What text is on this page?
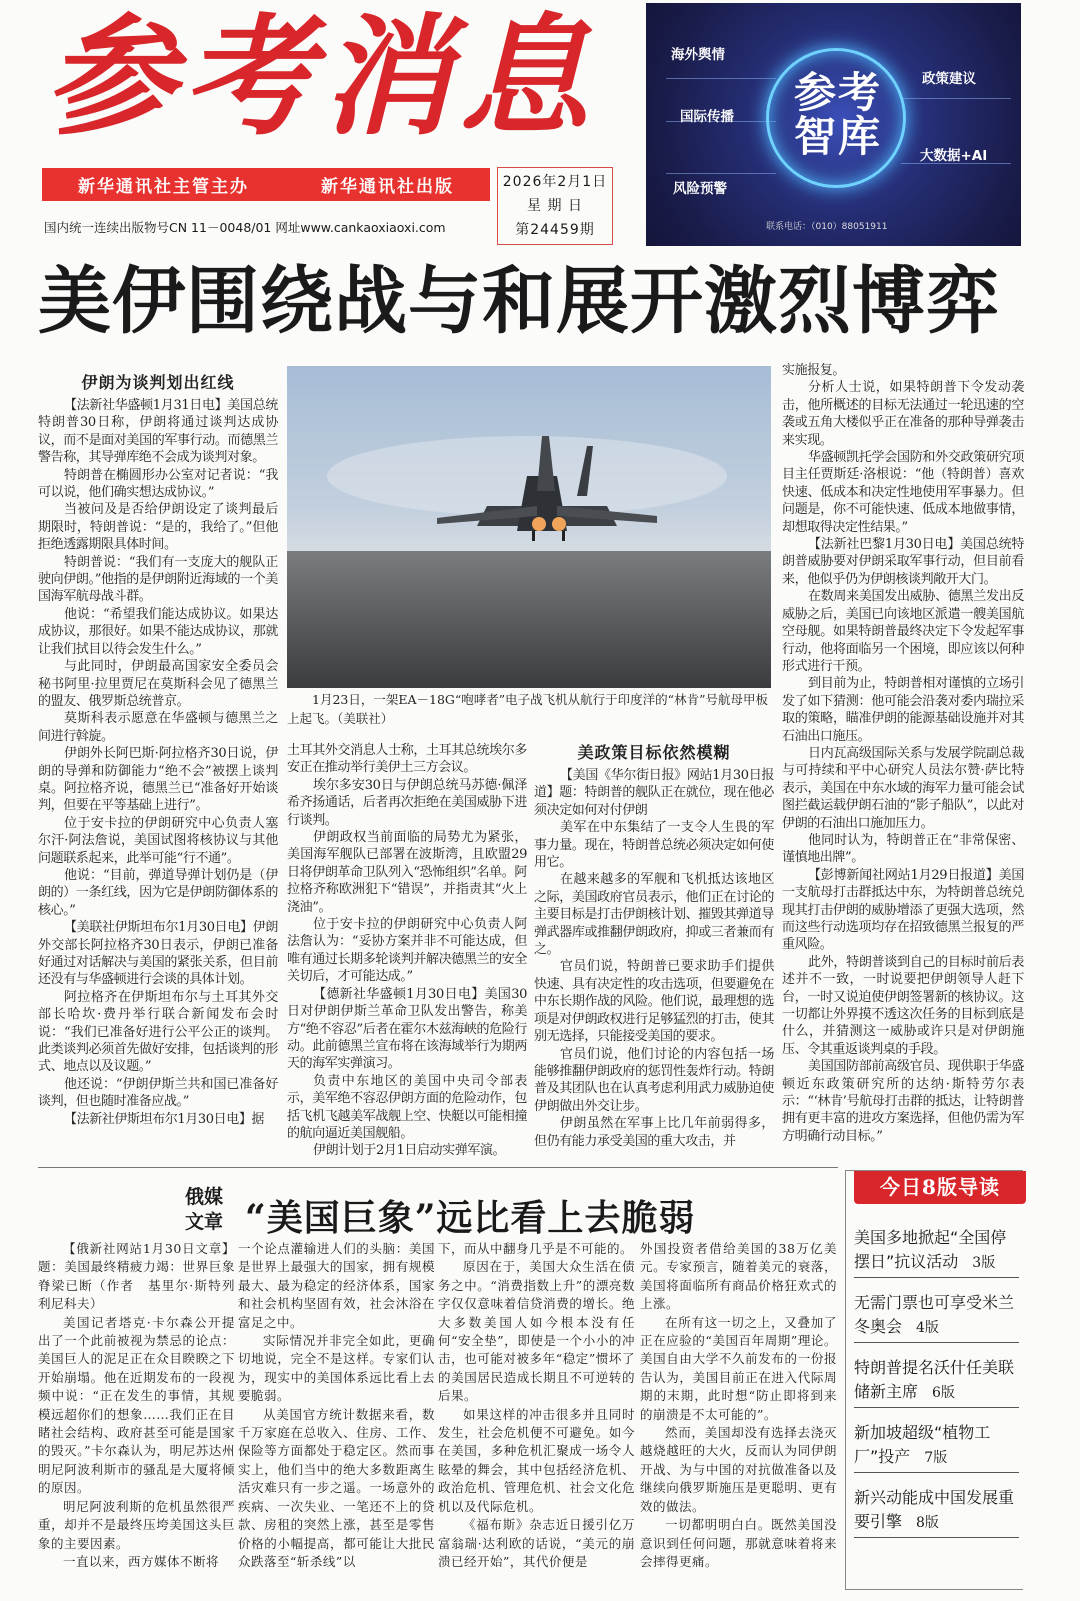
参考消息
新华通讯社主管主办	新华通讯社出版
国内统一连续出版物号CN 11－0048/01 网址www.cankaoxiaoxi.com
2026年2月1日
星 期 日
第24459期
参考
智库
海外舆情
国际传播
风险预警
政策建议
大数据+AI
联系电话：（010）88051911
美伊围绕战与和展开激烈博弈
伊朗为谈判划出红线

【法新社华盛顿1月31日电】美国总统特朗普30日称，伊朗将通过谈判达成协议，而不是面对美国的军事行动。而德黑兰警告称，其导弹库绝不会成为谈判对象。

特朗普在椭圆形办公室对记者说：“我可以说，他们确实想达成协议。”

当被问及是否给伊朗设定了谈判最后期限时，特朗普说：“是的，我给了。”但他拒绝透露期限具体时间。

特朗普说：“我们有一支庞大的舰队正驶向伊朗。”他指的是伊朗附近海域的一个美国海军航母战斗群。

他说：“希望我们能达成协议。如果达成协议，那很好。如果不能达成协议，那就让我们拭目以待会发生什么。”

与此同时，伊朗最高国家安全委员会秘书阿里·拉里贾尼在莫斯科会见了德黑兰的盟友、俄罗斯总统普京。

莫斯科表示愿意在华盛顿与德黑兰之间进行斡旋。

伊朗外长阿巴斯·阿拉格齐30日说，伊朗的导弹和防御能力“绝不会”被摆上谈判桌。阿拉格齐说，德黑兰已“准备好开始谈判，但要在平等基础上进行”。

位于安卡拉的伊朗研究中心负责人塞尔汗·阿法詹说，美国试图将核协议与其他问题联系起来，此举可能“行不通”。

他说：“目前，弹道导弹计划仍是（伊朗的）一条红线，因为它是伊朗防御体系的核心。”

【美联社伊斯坦布尔1月30日电】伊朗外交部长阿拉格齐30日表示，伊朗已准备好通过对话解决与美国的紧张关系，但目前还没有与华盛顿进行会谈的具体计划。

阿拉格齐在伊斯坦布尔与土耳其外交部长哈坎·费丹举行联合新闻发布会时说：“我们已准备好进行公平公正的谈判。此类谈判必须首先做好安排，包括谈判的形式、地点以及议题。”

他还说：“伊朗伊斯兰共和国已准备好谈判，但也随时准备应战。”

【法新社伊斯坦布尔1月30日电】据

1月23日，一架EA－18G“咆哮者”电子战飞机从航行于印度洋的“林肯”号航母甲板上起飞。（美联社）

土耳其外交消息人士称，土耳其总统埃尔多安正在推动举行美伊土三方会议。

埃尔多安30日与伊朗总统马苏德·佩泽希齐扬通话，后者再次拒绝在美国威胁下进行谈判。

伊朗政权当前面临的局势尤为紧张，美国海军舰队已部署在波斯湾，且欧盟29日将伊朗革命卫队列入“恐怖组织”名单。阿拉格齐称欧洲犯下“错误”，并指责其“火上浇油”。

位于安卡拉的伊朗研究中心负责人阿法詹认为：“妥协方案并非不可能达成，但唯有通过长期多轮谈判并解决德黑兰的安全关切后，才可能达成。”

【德新社华盛顿1月30日电】美国30日对伊朗伊斯兰革命卫队发出警告，称美方“绝不容忍”后者在霍尔木兹海峡的危险行动。此前德黑兰宣布将在该海域举行为期两天的海军实弹演习。

负责中东地区的美国中央司令部表示，美军绝不容忍伊朗方面的危险动作，包括飞机飞越美军战舰上空、快艇以可能相撞的航向逼近美国舰船。

伊朗计划于2月1日启动实弹军演。

美政策目标依然模糊

【美国《华尔街日报》网站1月30日报道】题：特朗普的舰队正在就位，现在他必须决定如何对付伊朗

美军在中东集结了一支令人生畏的军事力量。现在，特朗普总统必须决定如何使用它。

在越来越多的军舰和飞机抵达该地区之际，美国政府官员表示，他们正在讨论的主要目标是打击伊朗核计划、摧毁其弹道导弹武器库或推翻伊朗政府，抑或三者兼而有之。

官员们说，特朗普已要求助手们提供快速、具有决定性的攻击选项，但要避免在中东长期作战的风险。他们说，最理想的选项是对伊朗政权进行足够猛烈的打击，使其别无选择，只能接受美国的要求。

官员们说，他们讨论的内容包括一场能够推翻伊朗政府的惩罚性轰炸行动。特朗普及其团队也在认真考虑利用武力威胁迫使伊朗做出外交让步。

伊朗虽然在军事上比几年前弱得多，但仍有能力承受美国的重大攻击，并

实施报复。

分析人士说，如果特朗普下令发动袭击，他所概述的目标无法通过一轮迅速的空袭或五角大楼似乎正在准备的那种导弹袭击来实现。

华盛顿凯托学会国防和外交政策研究项目主任贾斯廷·洛根说：“他（特朗普）喜欢快速、低成本和决定性地使用军事暴力。但问题是，你不可能快速、低成本地做事情，却想取得决定性结果。”

【法新社巴黎1月30日电】美国总统特朗普威胁要对伊朗采取军事行动，但目前看来，他似乎仍为伊朗核谈判敞开大门。

在数周来美国发出威胁、德黑兰发出反威胁之后，美国已向该地区派遣一艘美国航空母舰。如果特朗普最终决定下令发起军事行动，他将面临另一个困境，即应该以何种形式进行干预。

到目前为止，特朗普相对谨慎的立场引发了如下猜测：他可能会沿袭对委内瑞拉采取的策略，瞄准伊朗的能源基础设施并对其石油出口施压。

日内瓦高级国际关系与发展学院副总裁与可持续和平中心研究人员法尔赞·萨比特表示，美国在中东水域的海军力量可能会试图拦截运载伊朗石油的“影子船队”，以此对伊朗的石油出口施加压力。

他同时认为，特朗普正在“非常保密、谨慎地出牌”。

【彭博新闻社网站1月29日报道】美国一支航母打击群抵达中东，为特朗普总统兑现其打击伊朗的威胁增添了更强大选项，然而这些行动选项均存在招致德黑兰报复的严重风险。

此外，特朗普谈到自己的目标时前后表述并不一致，一时说要把伊朗领导人赶下台，一时又说迫使伊朗签署新的核协议。这一切都让外界摸不透这次任务的目标到底是什么，并猜测这一威胁或许只是对伊朗施压、令其重返谈判桌的手段。

美国国防部前高级官员、现供职于华盛顿近东政策研究所的达纳·斯特劳尔表示：“‘林肯’号航母打击群的抵达，让特朗普拥有更丰富的进攻方案选择，但他仍需为军方明确行动目标。”

俄媒文章 “美国巨象”远比看上去脆弱

【俄新社网站1月30日文章】题：美国最终精疲力竭：世界巨象脊梁已断（作者　基里尔·斯特列利尼科夫）

美国记者塔克·卡尔森公开提出了一个此前被视为禁忌的论点：美国巨人的泥足正在众目睽睽之下开始崩塌。他在近期发布的一段视频中说：“正在发生的事情，其规模远超你们的想象……我们正在目睹社会结构、政府甚至可能是国家的毁灭。”卡尔森认为，明尼苏达州明尼阿波利斯市的骚乱是大厦将倾的原因。

明尼阿波利斯的危机虽然很严重，却并不是最终压垮美国这头巨象的主要因素。

一直以来，西方媒体不断将

一个论点灌输进人们的头脑：美国是世界上最强大的国家，拥有规模最大、最为稳定的经济体系，国家和社会机构坚固有效，社会沐浴在富足之中。

实际情况并非完全如此，更确切地说，完全不是这样。专家们认为，现实中的美国体系远比看上去要脆弱。

从美国官方统计数据来看，数千万家庭在总收入、住房、工作、保险等方面都处于稳定区。然而事实上，他们当中的绝大多数距离生活灾难只有一步之遥。一场意外的疾病、一次失业、一笔还不上的贷款、房租的突然上涨，甚至是零售价格的小幅提高，都可能让大批民众跌落至“斩杀线”以

下，而从中翻身几乎是不可能的。

原因在于，美国大众生活在债务之中。“消费指数上升”的漂亮数字仅仅意味着信贷消费的增长。绝大多数美国人如今根本没有任何“安全垫”，即使是一个小小的冲击，也可能对被多年“稳定”惯坏了的美国居民造成长期且不可逆转的后果。

如果这样的冲击很多并且同时发生，社会危机便不可避免。如今在美国，多种危机汇聚成一场令人眩晕的舞会，其中包括经济危机、政治危机、管理危机、社会文化危机以及代际危机。

《福布斯》杂志近日援引亿万富翁瑞·达利欧的话说，“美元的崩溃已经开始”，其代价便是

外国投资者借给美国的38万亿美元。专家预言，随着美元的衰落，美国将面临所有商品价格狂欢式的上涨。

在所有这一切之上，又叠加了正在应验的“美国百年周期”理论。美国自由大学不久前发布的一份报告认为，美国目前正在进入代际周期的末期，此时想“防止即将到来的崩溃是不太可能的”。

然而，美国却没有选择去浇灭越烧越旺的大火，反而认为同伊朗开战、为与中国的对抗做准备以及继续向俄罗斯施压是更聪明、更有效的做法。

一切都明明白白。既然美国没意识到任何问题，那就意味着将来会摔得更痛。

今日8版导读
美国多地掀起“全国停摆日”抗议活动 3版
无需门票也可享受米兰冬奥会 4版
特朗普提名沃什任美联储新主席 6版
新加坡超级“植物工厂”投产 7版
新兴动能成中国发展重要引擎 8版
